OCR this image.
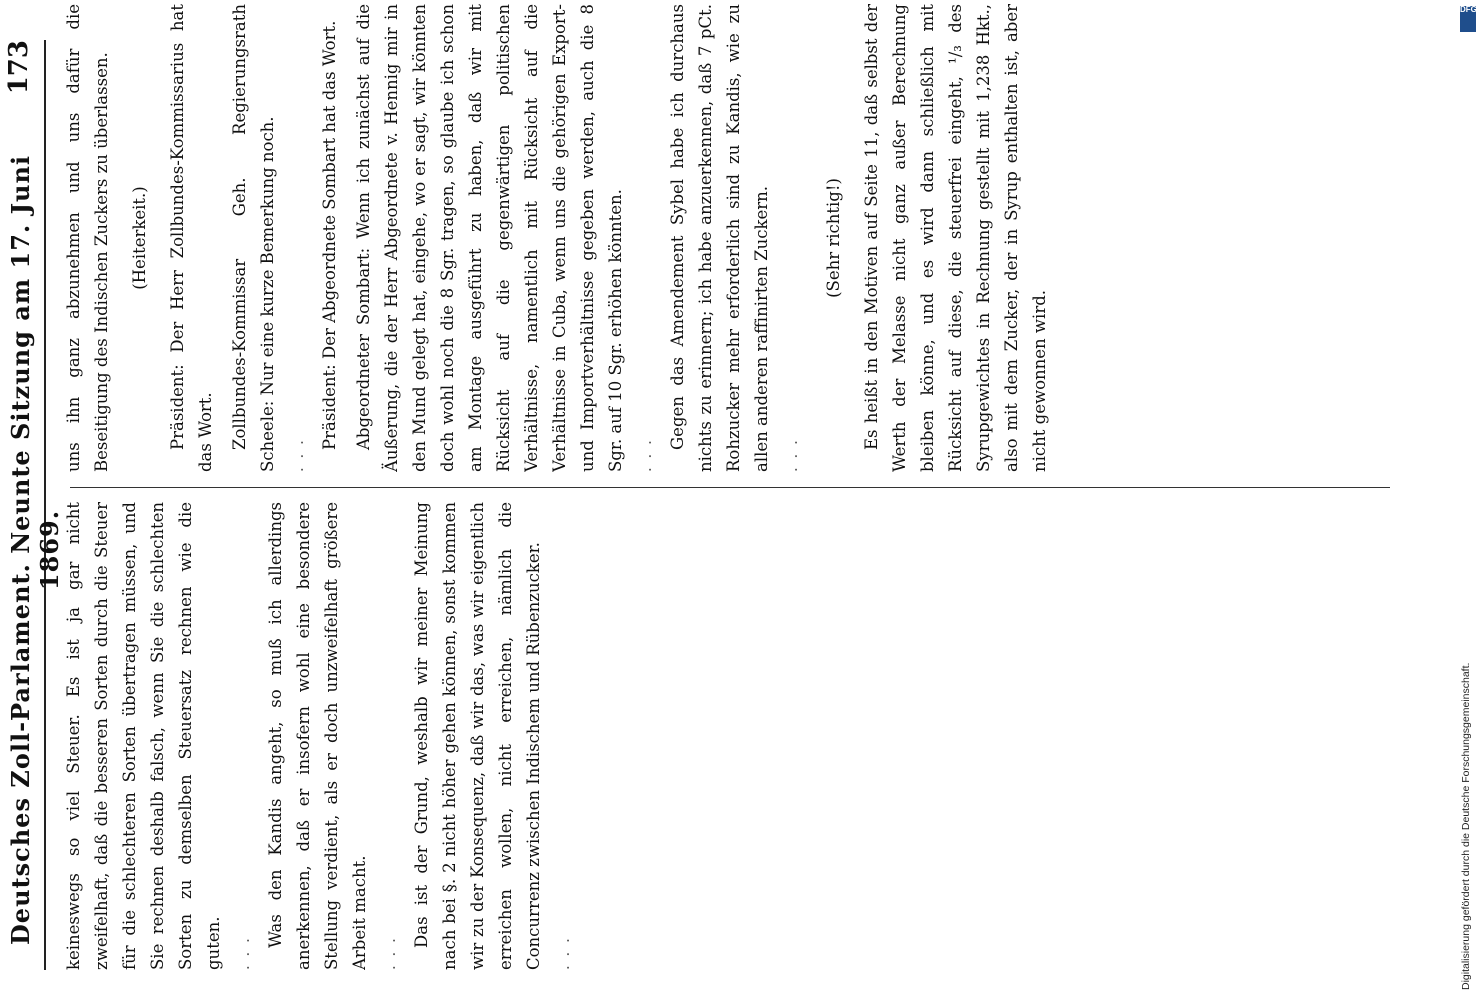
Deutsches Zoll-Parlament. Neunte Sitzung am 17. Juni 1869.
173

keineswegs so viel Steuer. Es ist ja gar nicht zweifelhaft, daß die besseren Sorten durch die Steuer für die schlechteren Sorten übertragen müssen, und Sie rechnen deshalb falsch, wenn Sie die schlechten Sorten zu demselben Steuersatz rechnen wie die guten.	· · ·

Was den Kandis angeht, so muß ich allerdings anerkennen, daß er insofern wohl eine besondere Stellung verdient, als er doch unzweifelhaft größere Arbeit macht.	· · ·

Das ist der Grund, weshalb wir meiner Meinung nach bei §. 2 nicht höher gehen können, sonst kommen wir zu der Konsequenz, daß wir das, was wir eigentlich erreichen wollen, nicht erreichen, nämlich die Concurrenz zwischen Indischem und Rübenzucker.	· · ·

uns ihn ganz abzunehmen und uns dafür die Beseitigung des Indischen Zuckers zu überlassen.	(Heiterkeit.)	Präsident: Der Herr Zollbundes-Kommissarius hat das Wort. Zollbundes-Kommissar Geh. Regierungsrath Scheele: Nur eine kurze Bemerkung noch.	· · ·

Präsident: Der Abgeordnete Sombart hat das Wort. Abgeordneter Sombart: Wenn ich zunächst auf die Äußerung, die der Herr Abgeordnete v. Hennig mir in den Mund gelegt hat, eingehe, wo er sagt, wir könnten doch wohl noch die 8 Sgr. tragen, so glaube ich schon am Montage ausgeführt zu haben, daß wir mit Rücksicht auf die gegenwärtigen politischen Verhältnisse, namentlich mit Rücksicht auf die Verhältnisse in Cuba, wenn uns die gehörigen Export- und Importverhältnisse gegeben werden, auch die 8 Sgr. auf 10 Sgr. erhöhen könnten.	· · ·

Gegen das Amendement Sybel habe ich durchaus nichts zu erinnern; ich habe anzuerkennen, daß 7 pCt. Rohzucker mehr erforderlich sind zu Kandis, wie zu allen anderen raffinirten Zuckern.	· · ·

(Sehr richtig!)	Es heißt in den Motiven auf Seite 11, daß selbst der Werth der Melasse nicht ganz außer Berechnung bleiben könne, und es wird dann schließlich mit Rücksicht auf diese, die steuerfrei eingeht, ¹/₃ des Syrupgewichtes in Rechnung gestellt mit 1,238 Hkt., also mit dem Zucker, der in Syrup enthalten ist, aber nicht gewonnen wird.

DFG
Digitalisierung gefördert durch die Deutsche Forschungsgemeinschaft.
